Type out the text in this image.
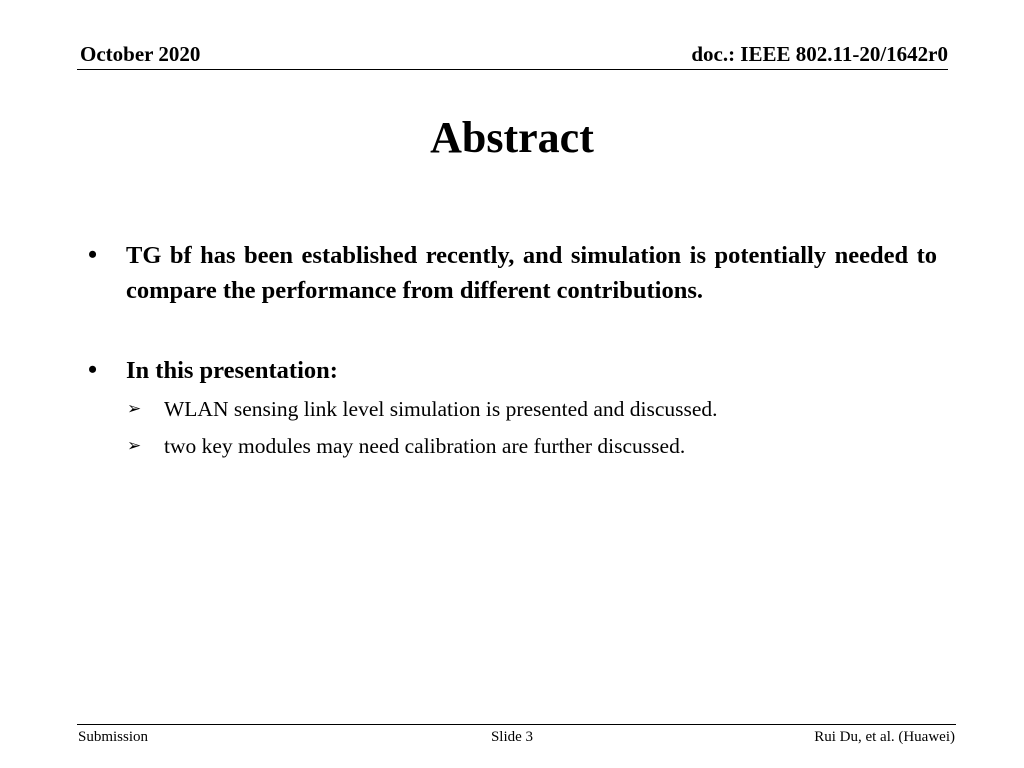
October 2020	doc.: IEEE 802.11-20/1642r0
Abstract
• TG bf has been established recently, and simulation is potentially needed to compare the performance from different contributions.
• In this presentation:
➢ WLAN sensing link level simulation is presented and discussed.
➢ two key modules may need calibration are further discussed.
Submission	Slide 3	Rui Du, et al. (Huawei)
